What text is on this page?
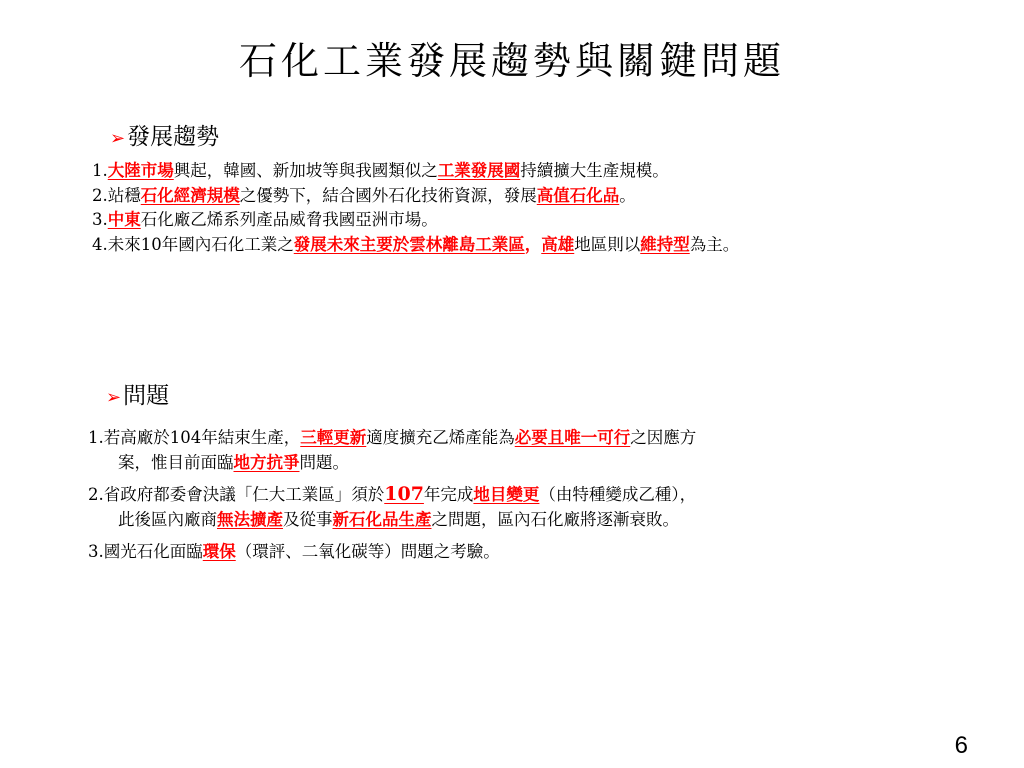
石化工業發展趨勢與關鍵問題
➢發展趨勢
1.大陸市場興起，韓國、新加坡等與我國類似之工業發展國持續擴大生產規模。
2.站穩石化經濟規模之優勢下，結合國外石化技術資源，發展高值石化品。
3.中東石化廠乙烯系列產品威脅我國亞洲市場。
4.未來10年國內石化工業之發展未來主要於雲林離島工業區，高雄地區則以維持型為主。
➢問題
1.若高廠於104年結束生產，三輕更新適度擴充乙烯產能為必要且唯一可行之因應方
案，惟目前面臨地方抗爭問題。
2.省政府都委會決議「仁大工業區」須於107年完成地目變更（由特種變成乙種），
此後區內廠商無法擴產及從事新石化品生產之問題，區內石化廠將逐漸衰敗。
3.國光石化面臨環保（環評、二氧化碳等）問題之考驗。
6
